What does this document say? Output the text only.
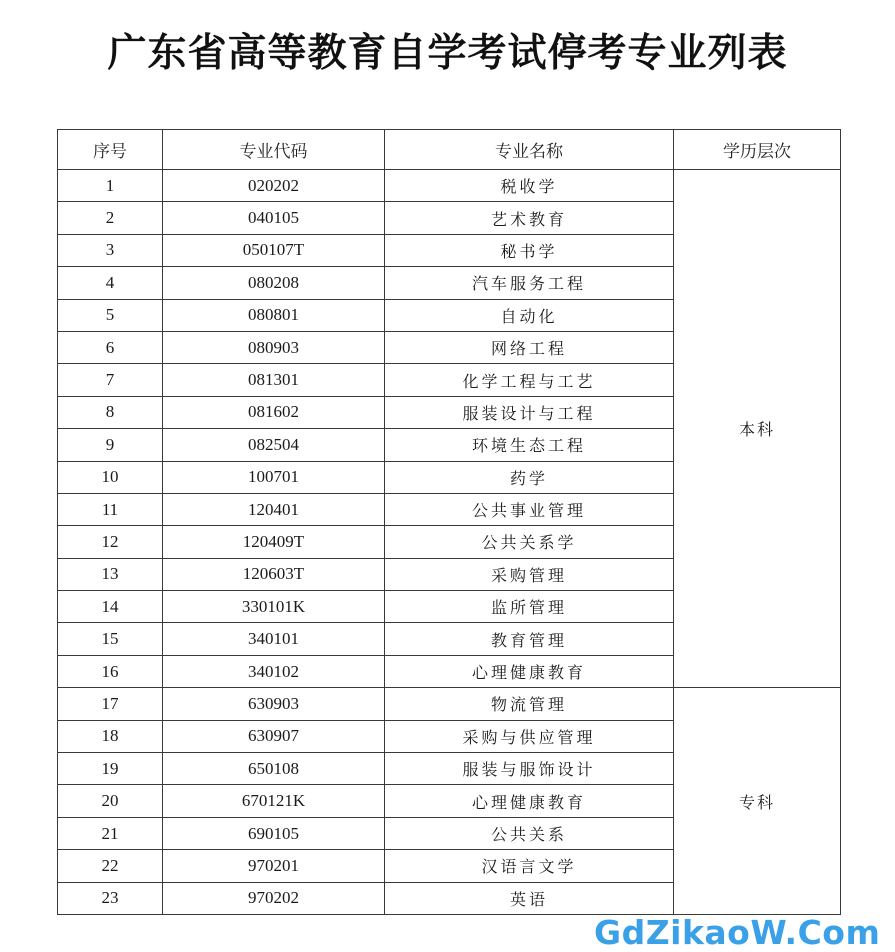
广东省高等教育自学考试停考专业列表
序号	专业代码	专业名称	学历层次
1	020202	税收学	本科
2	040105	艺术教育	
3	050107T	秘书学	
4	080208	汽车服务工程	
5	080801	自动化	
6	080903	网络工程	
7	081301	化学工程与工艺	
8	081602	服装设计与工程	
9	082504	环境生态工程	
10	100701	药学	
11	120401	公共事业管理	
12	120409T	公共关系学	
13	120603T	采购管理	
14	330101K	监所管理	
15	340101	教育管理	
16	340102	心理健康教育	
17	630903	物流管理	专科
18	630907	采购与供应管理	
19	650108	服装与服饰设计	
20	670121K	心理健康教育	
21	690105	公共关系	
22	970201	汉语言文学	
23	970202	英语	
GdZikaoW.Com
